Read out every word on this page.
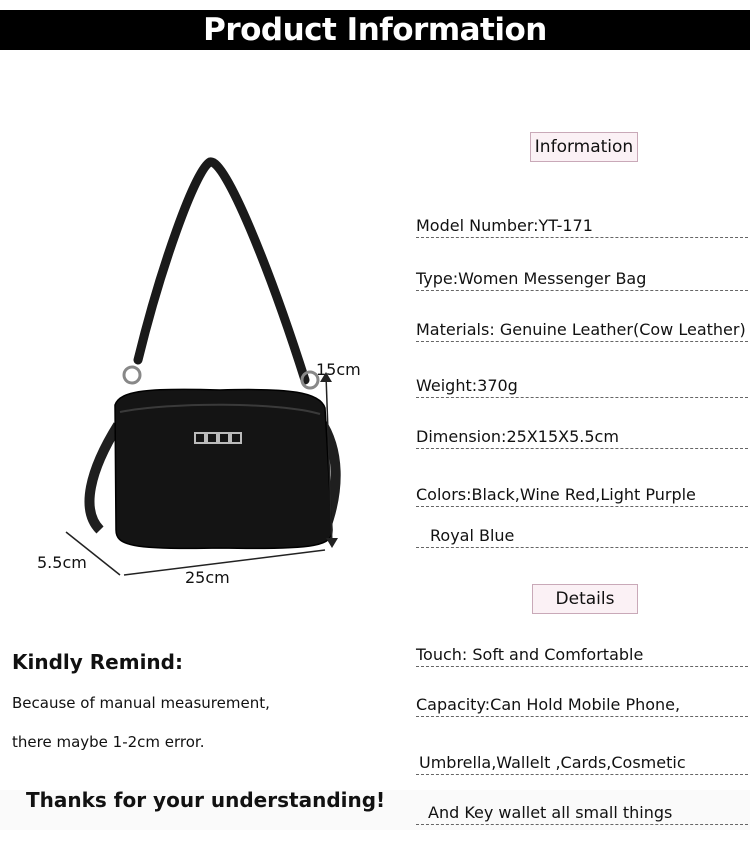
Product Information
15cm
5.5cm
25cm
Information
Model Number:YT-171
Type:Women Messenger Bag
Materials: Genuine Leather(Cow Leather)
Weight:370g
Dimension:25X15X5.5cm
Colors:Black,Wine Red,Light Purple
Royal Blue
Details
Touch: Soft and Comfortable
Capacity:Can Hold Mobile Phone,
Umbrella,Wallelt ,Cards,Cosmetic
And Key wallet all small things
Kindly Remind:
Because of manual measurement,
there maybe 1-2cm error.
Thanks for your understanding!
